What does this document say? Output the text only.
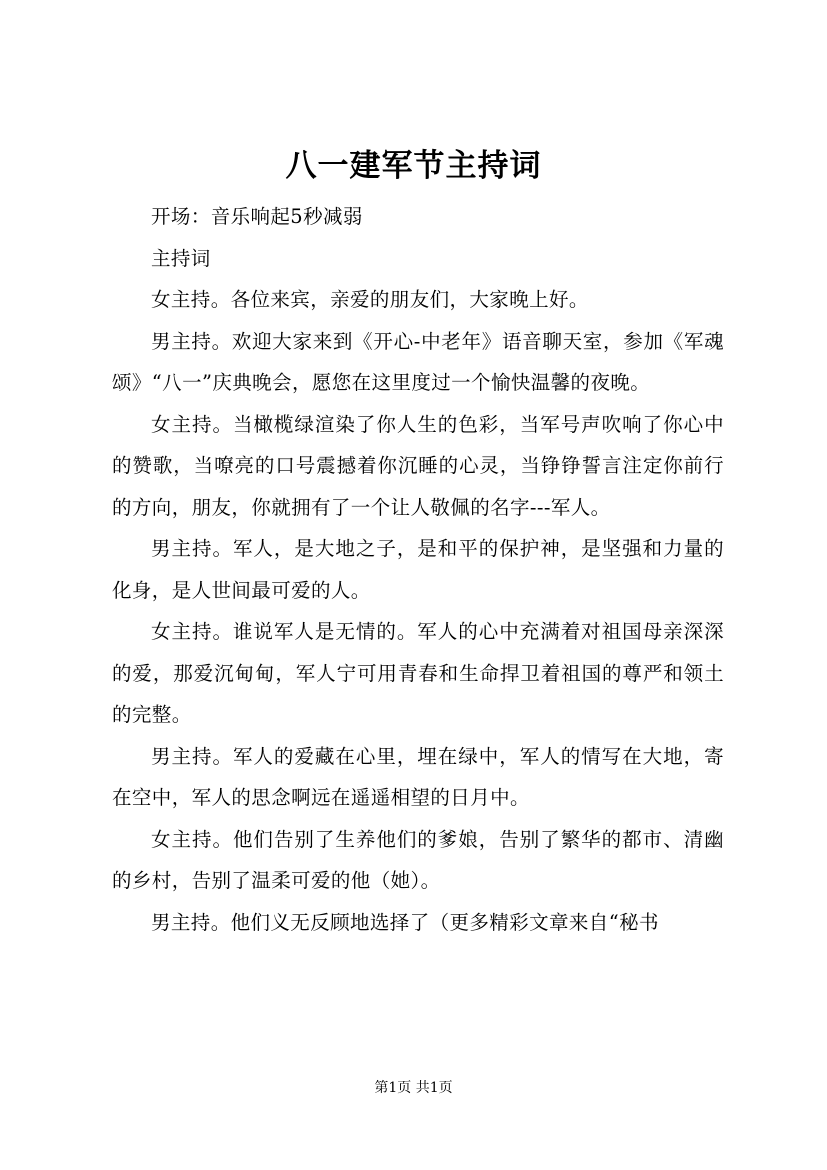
八一建军节主持词

开场：音乐响起5秒减弱

主持词

女主持。各位来宾，亲爱的朋友们，大家晚上好。

男主持。欢迎大家来到《开心-中老年》语音聊天室，参加《军魂颂》“八一”庆典晚会，愿您在这里度过一个愉快温馨的夜晚。

女主持。当橄榄绿渲染了你人生的色彩，当军号声吹响了你心中的赞歌，当嘹亮的口号震撼着你沉睡的心灵，当铮铮誓言注定你前行的方向，朋友，你就拥有了一个让人敬佩的名字---军人。

男主持。军人，是大地之子，是和平的保护神，是坚强和力量的化身，是人世间最可爱的人。

女主持。谁说军人是无情的。军人的心中充满着对祖国母亲深深的爱，那爱沉甸甸，军人宁可用青春和生命捍卫着祖国的尊严和领土的完整。

男主持。军人的爱藏在心里，埋在绿中，军人的情写在大地，寄在空中，军人的思念啊远在遥遥相望的日月中。

女主持。他们告别了生养他们的爹娘，告别了繁华的都市、清幽的乡村，告别了温柔可爱的他（她）。

男主持。他们义无反顾地选择了（更多精彩文章来自“秘书

第1页 共1页
